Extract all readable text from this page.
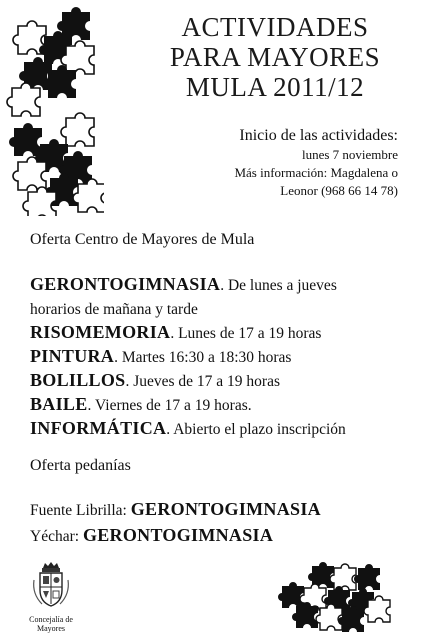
ACTIVIDADES
PARA MAYORES
MULA 2011/12
Inicio de las actividades:
lunes 7 noviembre
Más información: Magdalena o
Leonor (968 66 14 78)
Oferta Centro de Mayores de Mula
GERONTOGIMNASIA. De lunes a jueves
horarios de mañana y tarde
RISOMEMORIA. Lunes de 17 a 19 horas
PINTURA. Martes 16:30 a 18:30 horas
BOLILLOS. Jueves de 17 a 19 horas
BAILE. Viernes de 17 a 19 horas.
INFORMÁTICA. Abierto el plazo inscripción
Oferta pedanías
Fuente Librilla: GERONTOGIMNASIA
Yéchar: GERONTOGIMNASIA
Concejalía de
Mayores
